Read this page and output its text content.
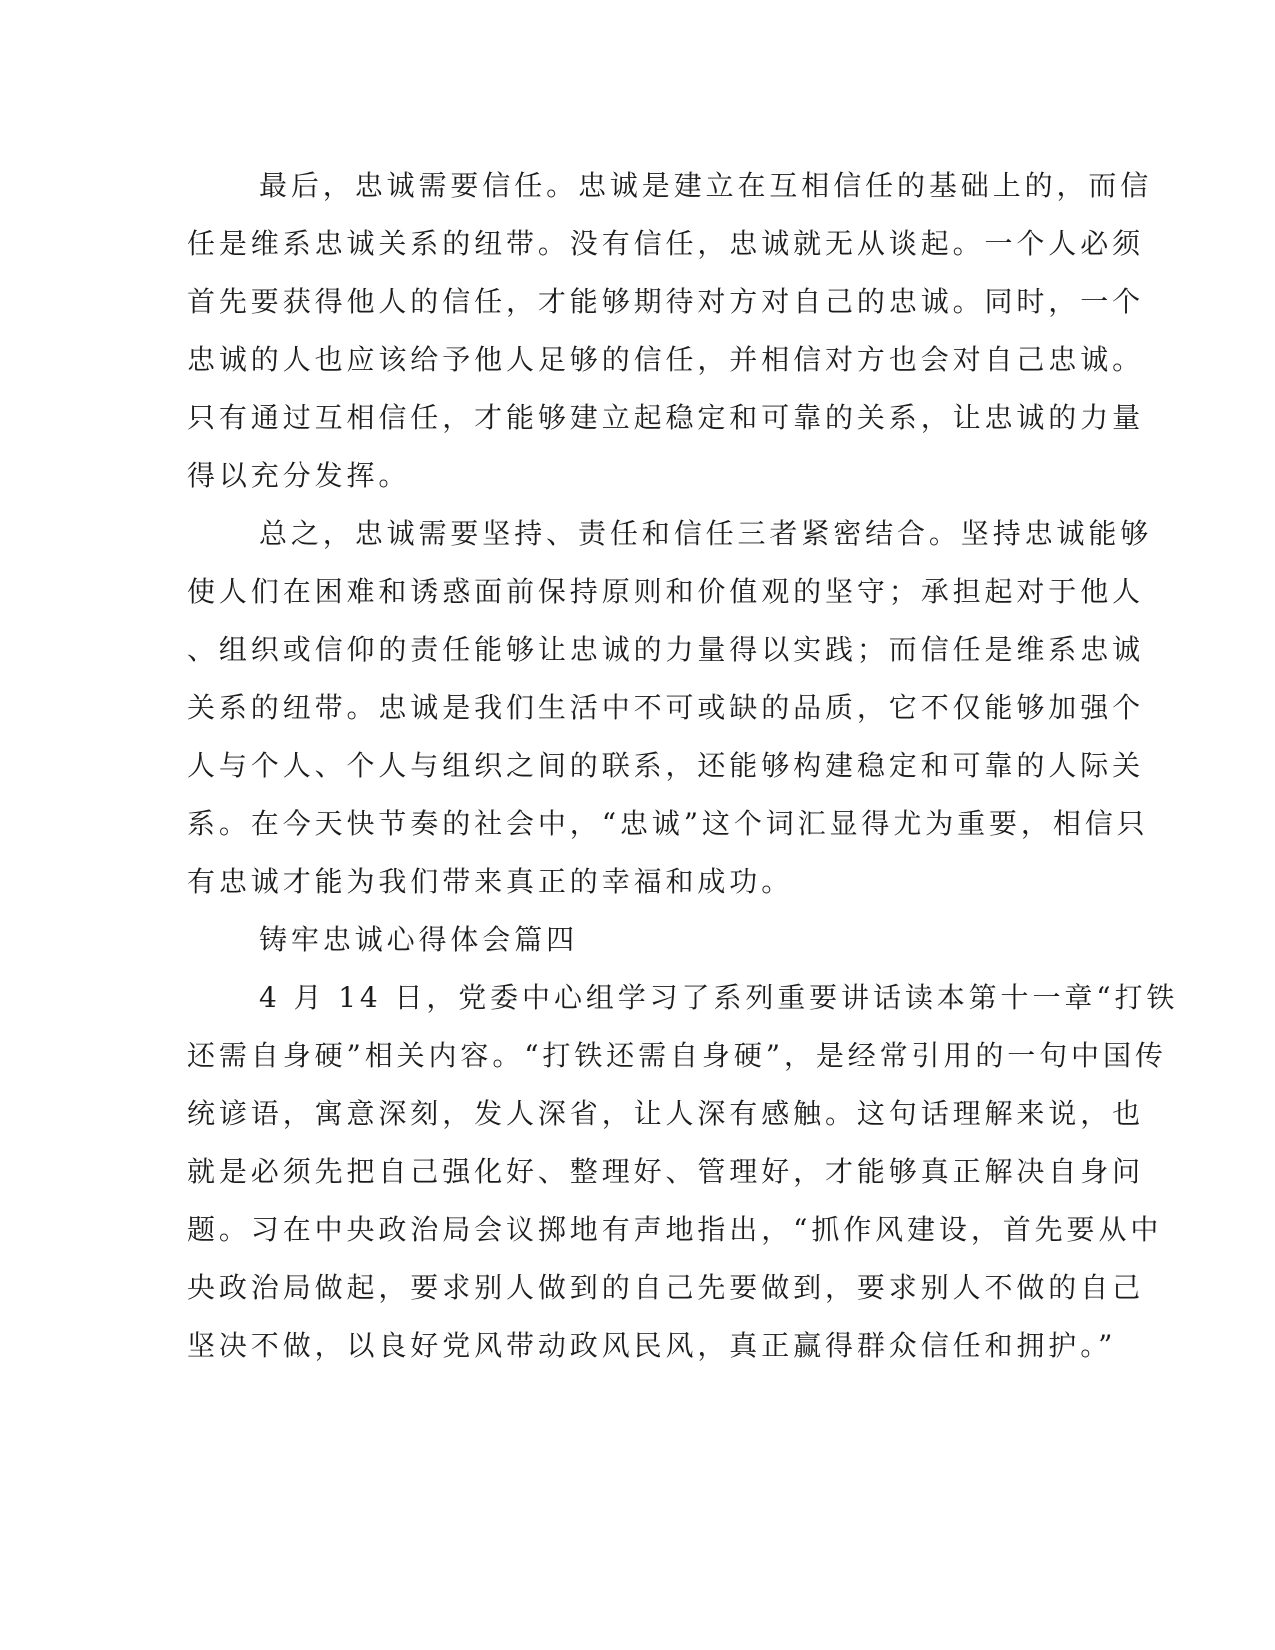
最后，忠诚需要信任。忠诚是建立在互相信任的基础上的，而信
任是维系忠诚关系的纽带。没有信任，忠诚就无从谈起。一个人必须
首先要获得他人的信任，才能够期待对方对自己的忠诚。同时，一个
忠诚的人也应该给予他人足够的信任，并相信对方也会对自己忠诚。
只有通过互相信任，才能够建立起稳定和可靠的关系，让忠诚的力量
得以充分发挥。
总之，忠诚需要坚持、责任和信任三者紧密结合。坚持忠诚能够
使人们在困难和诱惑面前保持原则和价值观的坚守；承担起对于他人
、组织或信仰的责任能够让忠诚的力量得以实践；而信任是维系忠诚
关系的纽带。忠诚是我们生活中不可或缺的品质，它不仅能够加强个
人与个人、个人与组织之间的联系，还能够构建稳定和可靠的人际关
系。在今天快节奏的社会中，“忠诚”这个词汇显得尤为重要，相信只
有忠诚才能为我们带来真正的幸福和成功。
铸牢忠诚心得体会篇四
4 月 14 日，党委中心组学习了系列重要讲话读本第十一章“打铁
还需自身硬”相关内容。“打铁还需自身硬”，是经常引用的一句中国传
统谚语，寓意深刻，发人深省，让人深有感触。这句话理解来说，也
就是必须先把自己强化好、整理好、管理好，才能够真正解决自身问
题。习在中央政治局会议掷地有声地指出，“抓作风建设，首先要从中
央政治局做起，要求别人做到的自己先要做到，要求别人不做的自己
坚决不做，以良好党风带动政风民风，真正赢得群众信任和拥护。”
